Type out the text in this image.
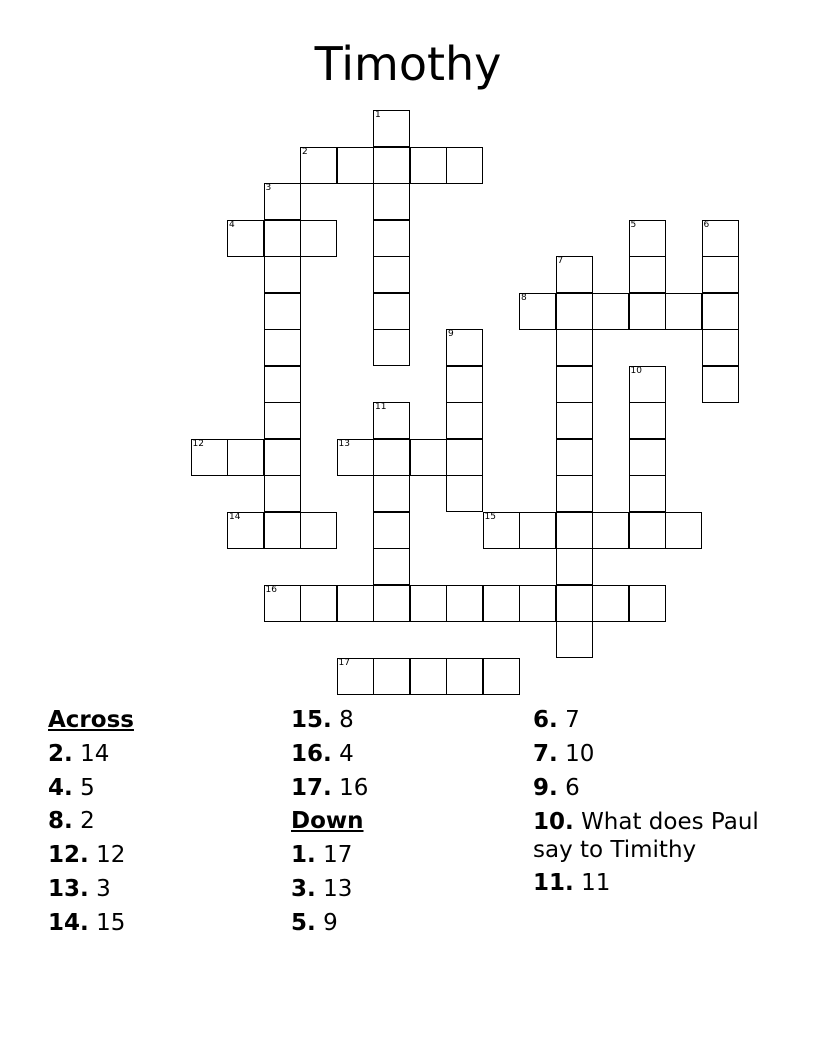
Timothy
1
2
3
4	5	6
7
8
9
10
11
12	13
14	15
16
17
Across
2. 14
4. 5
8. 2
12. 12
13. 3
14. 15
15. 8
16. 4
17. 16
Down
1. 17
3. 13
5. 9
6. 7
7. 10
9. 6
10. What does Paul say to Timithy
11. 11
